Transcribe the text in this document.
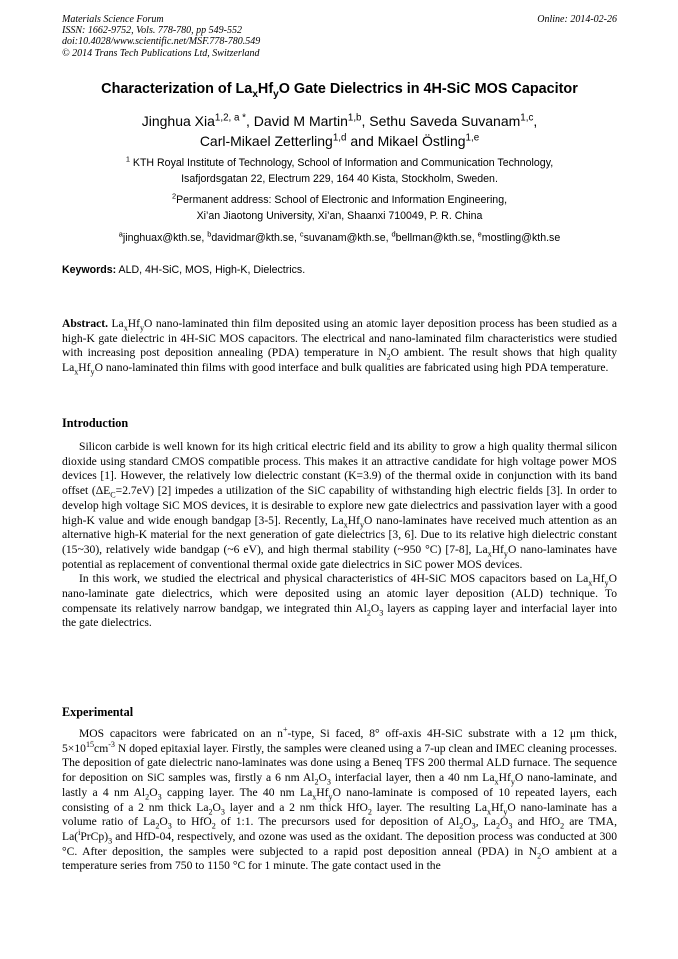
Materials Science Forum
ISSN: 1662-9752, Vols. 778-780, pp 549-552
doi:10.4028/www.scientific.net/MSF.778-780.549
© 2014 Trans Tech Publications Ltd, Switzerland
Online: 2014-02-26
Characterization of $La_xHf_yO$ Gate Dielectrics in 4H-SiC MOS Capacitor
Jinghua Xia$^{1,2, a *}$, David M Martin$^{1,b}$, Sethu Saveda Suvanam$^{1,c}$,
Carl-Mikael Zetterling$^{1,d}$ and Mikael Östling$^{1,e}$
$^1$ KTH Royal Institute of Technology, School of Information and Communication Technology,
Isafjordsgatan 22, Electrum 229, 164 40 Kista, Stockholm, Sweden.
$^2$Permanent address: School of Electronic and Information Engineering,
Xi’an Jiaotong University, Xi’an, Shaanxi 710049, P. R. China
$^a$jinghuax@kth.se, $^b$davidmar@kth.se, $^c$suvanam@kth.se, $^d$bellman@kth.se, $^e$mostling@kth.se
Keywords: ALD, 4H-SiC, MOS, High-K, Dielectrics.
Abstract. $La_xHf_yO$ nano-laminated thin film deposited using an atomic layer deposition process has been studied as a high-K gate dielectric in 4H-SiC MOS capacitors. The electrical and nano-laminated film characteristics were studied with increasing post deposition annealing (PDA) temperature in $N_2O$ ambient. The result shows that high quality $La_xHf_yO$ nano-laminated thin films with good interface and bulk qualities are fabricated using high PDA temperature.
Introduction

Silicon carbide is well known for its high critical electric field and its ability to grow a high quality thermal silicon dioxide using standard CMOS compatible process. This makes it an attractive candidate for high voltage power MOS devices [1]. However, the relatively low dielectric constant (K=3.9) of the thermal oxide in conjunction with its band offset $(\Delta E_C=2.7eV)$ [2] impedes a utilization of the SiC capability of withstanding high electric fields [3]. In order to develop high voltage SiC MOS devices, it is desirable to explore new gate dielectrics and passivation layer with a good high-K value and wide enough bandgap [3-5]. Recently, $La_xHf_yO$ nano-laminates have received much attention as an alternative high-K material for the next generation of gate dielectrics [3, 6]. Due to its relative high dielectric constant (15~30), relatively wide bandgap (~6 eV), and high thermal stability (~950 °C) [7-8], $La_xHf_yO$ nano-laminates have potential as replacement of conventional thermal oxide gate dielectrics in SiC power MOS devices.

In this work, we studied the electrical and physical characteristics of 4H-SiC MOS capacitors based on $La_xHf_yO$ nano-laminate gate dielectrics, which were deposited using an atomic layer deposition (ALD) technique. To compensate its relatively narrow bandgap, we integrated thin $Al_2O_3$ layers as capping layer and interfacial layer into the gate dielectrics.

Experimental

MOS capacitors were fabricated on an n+-type, Si faced, 8° off-axis 4H-SiC substrate with a 12 μm thick, $5\times 10^{15}cm^{-3}$ N doped epitaxial layer. Firstly, the samples were cleaned using a 7-up clean and IMEC cleaning processes. The deposition of gate dielectric nano-laminates was done using a Beneq TFS 200 thermal ALD furnace. The sequence for deposition on SiC samples was, firstly a 6 nm $Al_2O_3$ interfacial layer, then a 40 nm $La_xHf_yO$ nano-laminate, and lastly a 4 nm $Al_2O_3$ capping layer. The 40 nm $La_xHf_yO$ nano-laminate is composed of 10 repeated layers, each consisting of a 2 nm thick $La_2O_3$ layer and a 2 nm thick HfO$_2$ layer. The resulting $La_xHf_yO$ nano-laminate has a volume ratio of $La_2O_3$ to HfO$_2$ of 1:1. The precursors used for deposition of $Al_2O_3$, $La_2O_3$ and HfO$_2$ are TMA, $La(^iPrCp)_3$ and HfD-04, respectively, and ozone was used as the oxidant. The deposition process was conducted at 300 °C. After deposition, the samples were subjected to a rapid post deposition anneal (PDA) in $N_2O$ ambient at a temperature series from 750 to 1150 °C for 1 minute. The gate contact used in the
